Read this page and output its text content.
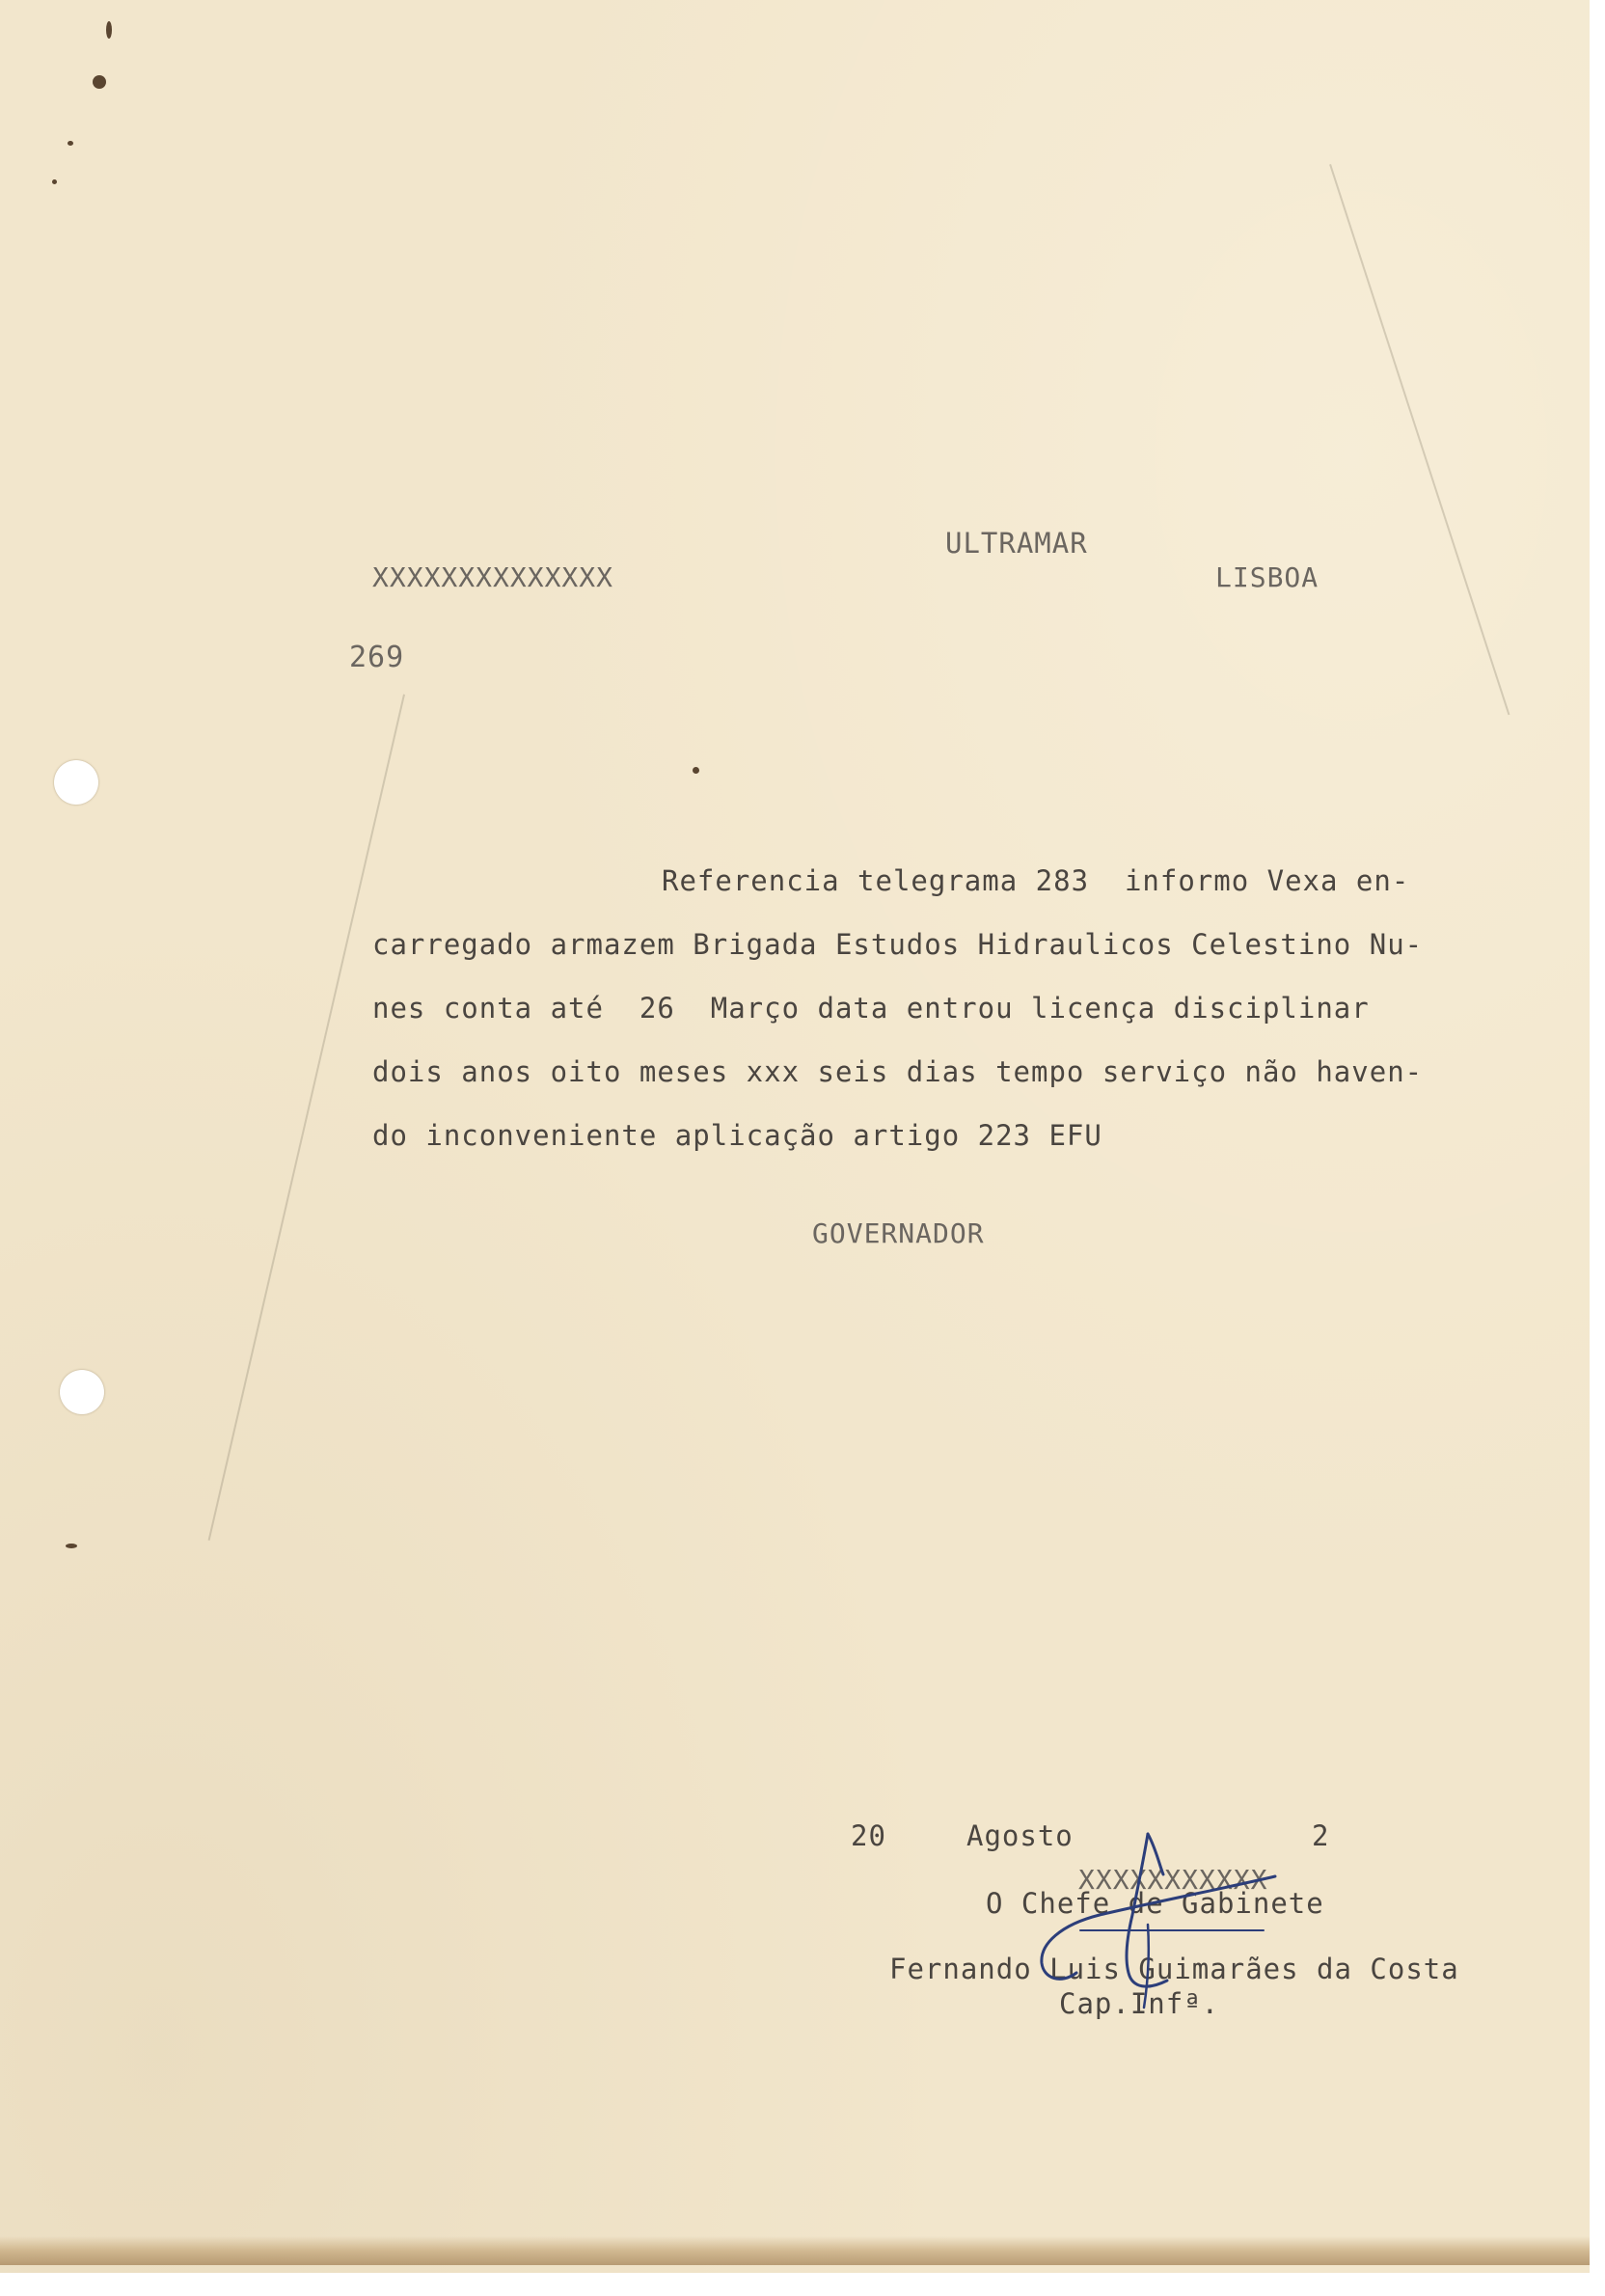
XXXXXXXXXXXXXX
ULTRAMAR
LISBOA
269
Referencia telegrama 283  informo Vexa en-
carregado armazem Brigada Estudos Hidraulicos Celestino Nu-
nes conta até  26  Março data entrou licença disciplinar
dois anos oito meses xxx seis dias tempo serviço não haven-
do inconveniente aplicação artigo 223 EFU
GOVERNADOR
20	Agosto	2
XXXXXXXXXXX
O Chefe de Gabinete
Fernando Luis Guimarães da Costa
Cap.Infª.
